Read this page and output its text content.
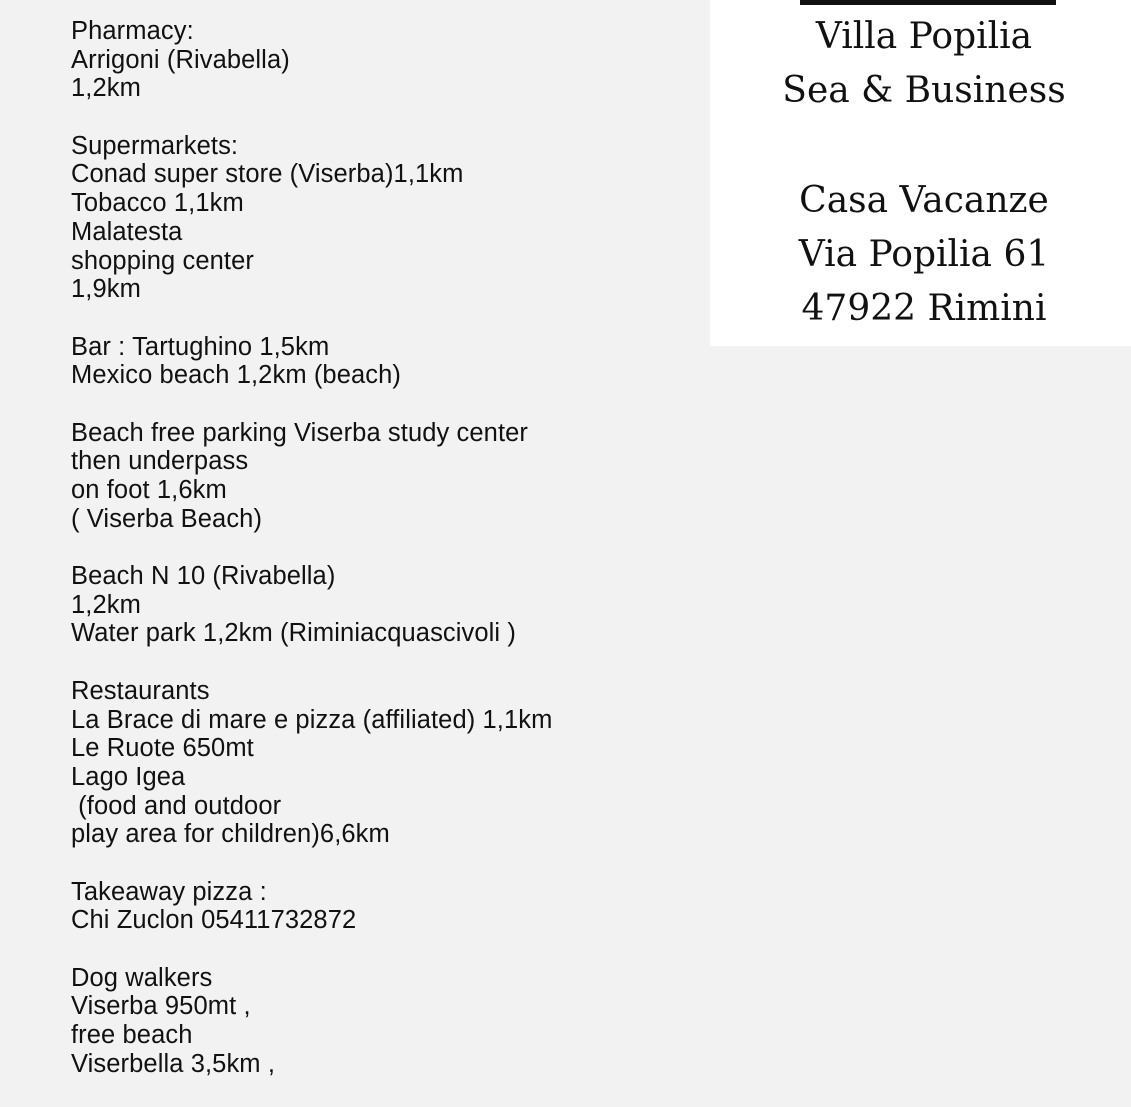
Pharmacy:
Arrigoni (Rivabella)
1,2km
Supermarkets:
Conad super store (Viserba)1,1km
Tobacco 1,1km
Malatesta
shopping center
1,9km
Bar : Tartughino 1,5km
Mexico beach 1,2km (beach)
Beach free parking Viserba study center
then underpass
on foot 1,6km
( Viserba Beach)
Beach N 10 (Rivabella)
1,2km
Water park 1,2km (Riminiacquascivoli )
Restaurants
La Brace di mare e pizza (affiliated) 1,1km
Le Ruote 650mt
Lago Igea
(food and outdoor
play area for children)6,6km
Takeaway pizza :
Chi Zuclon 05411732872
Dog walkers
Viserba 950mt ,
free beach
Viserbella 3,5km ,
Villa Popilia
Sea & Business
Casa Vacanze
Via Popilia 61
47922 Rimini
